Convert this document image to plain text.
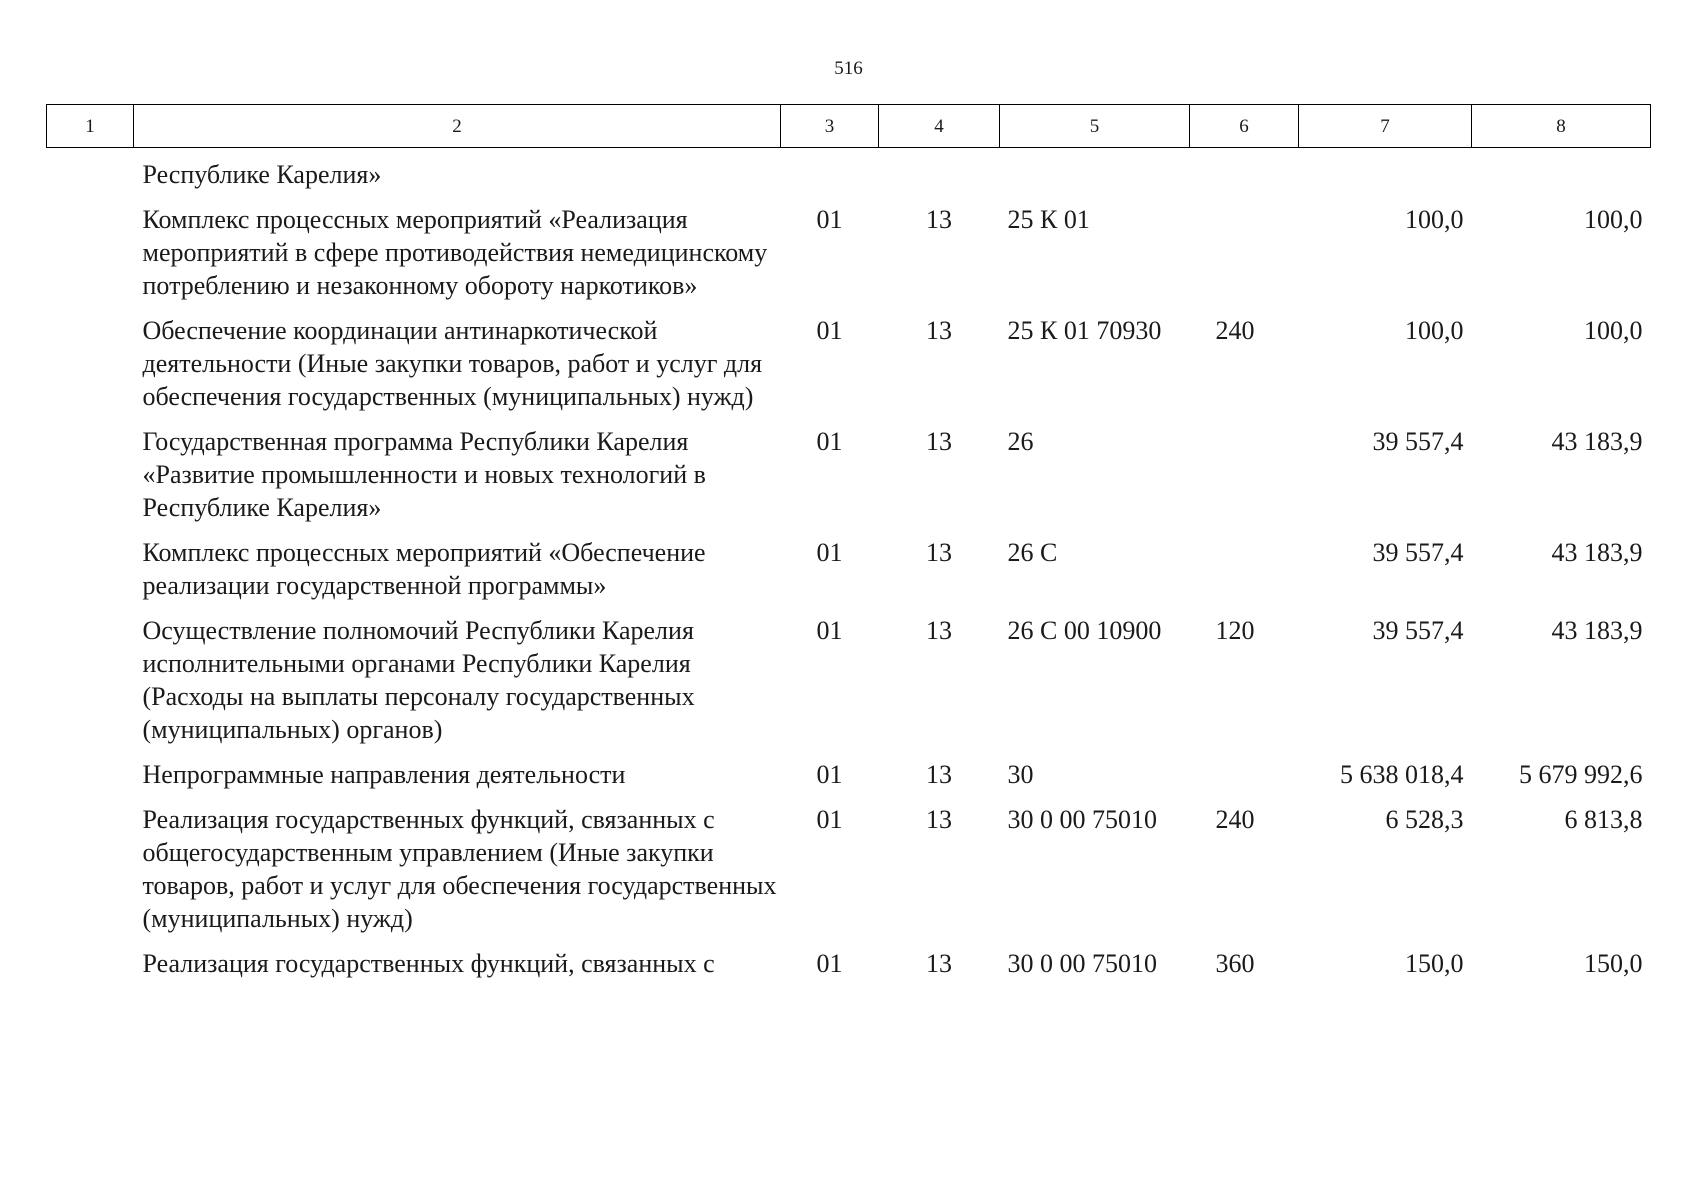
516
1	2	3	4	5	6	7	8
	Республике Карелия»						
	Комплекс процессных мероприятий «Реализация мероприятий в сфере противодействия немедицинскому потреблению и незаконному обороту наркотиков»	01	13	25 К 01		100,0	100,0
	Обеспечение координации антинаркотической деятельности (Иные закупки товаров, работ и услуг для обеспечения государственных (муниципальных) нужд)	01	13	25 К 01 70930	240	100,0	100,0
	Государственная программа Республики Карелия «Развитие промышленности и новых технологий в Республике Карелия»	01	13	26		39 557,4	43 183,9
	Комплекс процессных мероприятий «Обеспечение реализации государственной программы»	01	13	26 С		39 557,4	43 183,9
	Осуществление полномочий Республики Карелия исполнительными органами Республики Карелия (Расходы на выплаты персоналу государственных (муниципальных) органов)	01	13	26 С 00 10900	120	39 557,4	43 183,9
	Непрограммные направления деятельности	01	13	30		5 638 018,4	5 679 992,6
	Реализация государственных функций, связанных с общегосударственным управлением (Иные закупки товаров, работ и услуг для обеспечения государственных (муниципальных) нужд)	01	13	30 0 00 75010	240	6 528,3	6 813,8
	Реализация государственных функций, связанных с	01	13	30 0 00 75010	360	150,0	150,0
